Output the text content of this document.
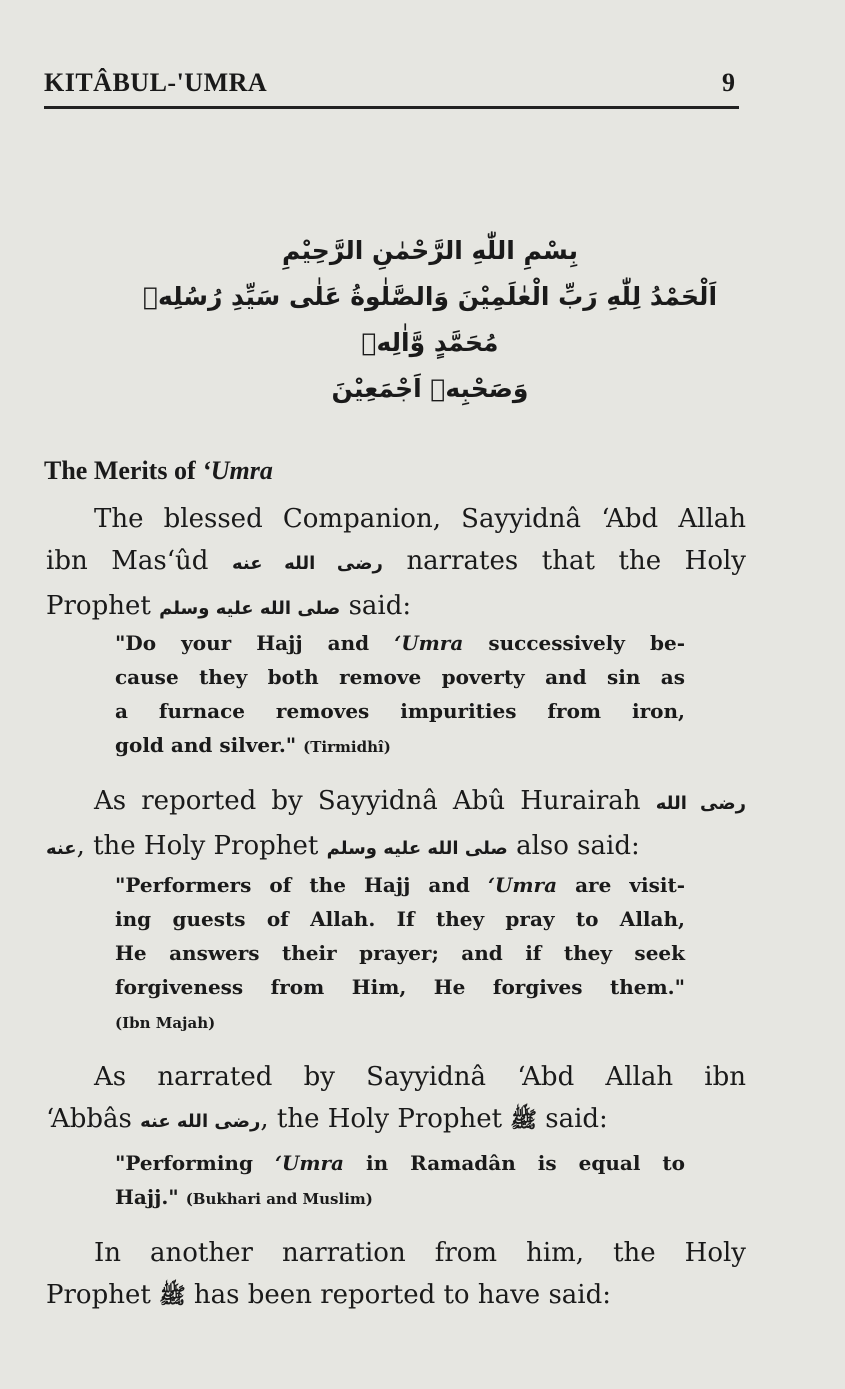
KITÂBUL-'UMRA	9
بِسْمِ اللّٰهِ الرَّحْمٰنِ الرَّحِيْمِ
اَلْحَمْدُ لِلّٰهِ رَبِّ الْعٰلَمِيْنَ وَالصَّلٰوةُ عَلٰى سَيِّدِ رُسُلِهٖ مُحَمَّدٍ وَّاٰلِهٖ
وَصَحْبِهٖ اَجْمَعِيْنَ
The Merits of ‘Umra
The blessed Companion, Sayyidnâ ‘Abd Allah
ibn Mas‘ûd رضى الله عنه narrates that the Holy
Prophet صلى الله عليه وسلم said:
"Do your Hajj and ‘Umra successively be-
cause they both remove poverty and sin as
a furnace removes impurities from iron,
gold and silver." (Tirmidhî)
As reported by Sayyidnâ Abû Hurairah رضى الله
عنه, the Holy Prophet صلى الله عليه وسلم also said:
"Performers of the Hajj and ‘Umra are visit-
ing guests of Allah. If they pray to Allah,
He answers their prayer; and if they seek
forgiveness from Him, He forgives them."
(Ibn Majah)
As narrated by Sayyidnâ ‘Abd Allah ibn
‘Abbâs رضى الله عنه, the Holy Prophet ﷺ said:
"Performing ‘Umra in Ramadân is equal to
Hajj." (Bukhari and Muslim)
In another narration from him, the Holy
Prophet ﷺ has been reported to have said:
